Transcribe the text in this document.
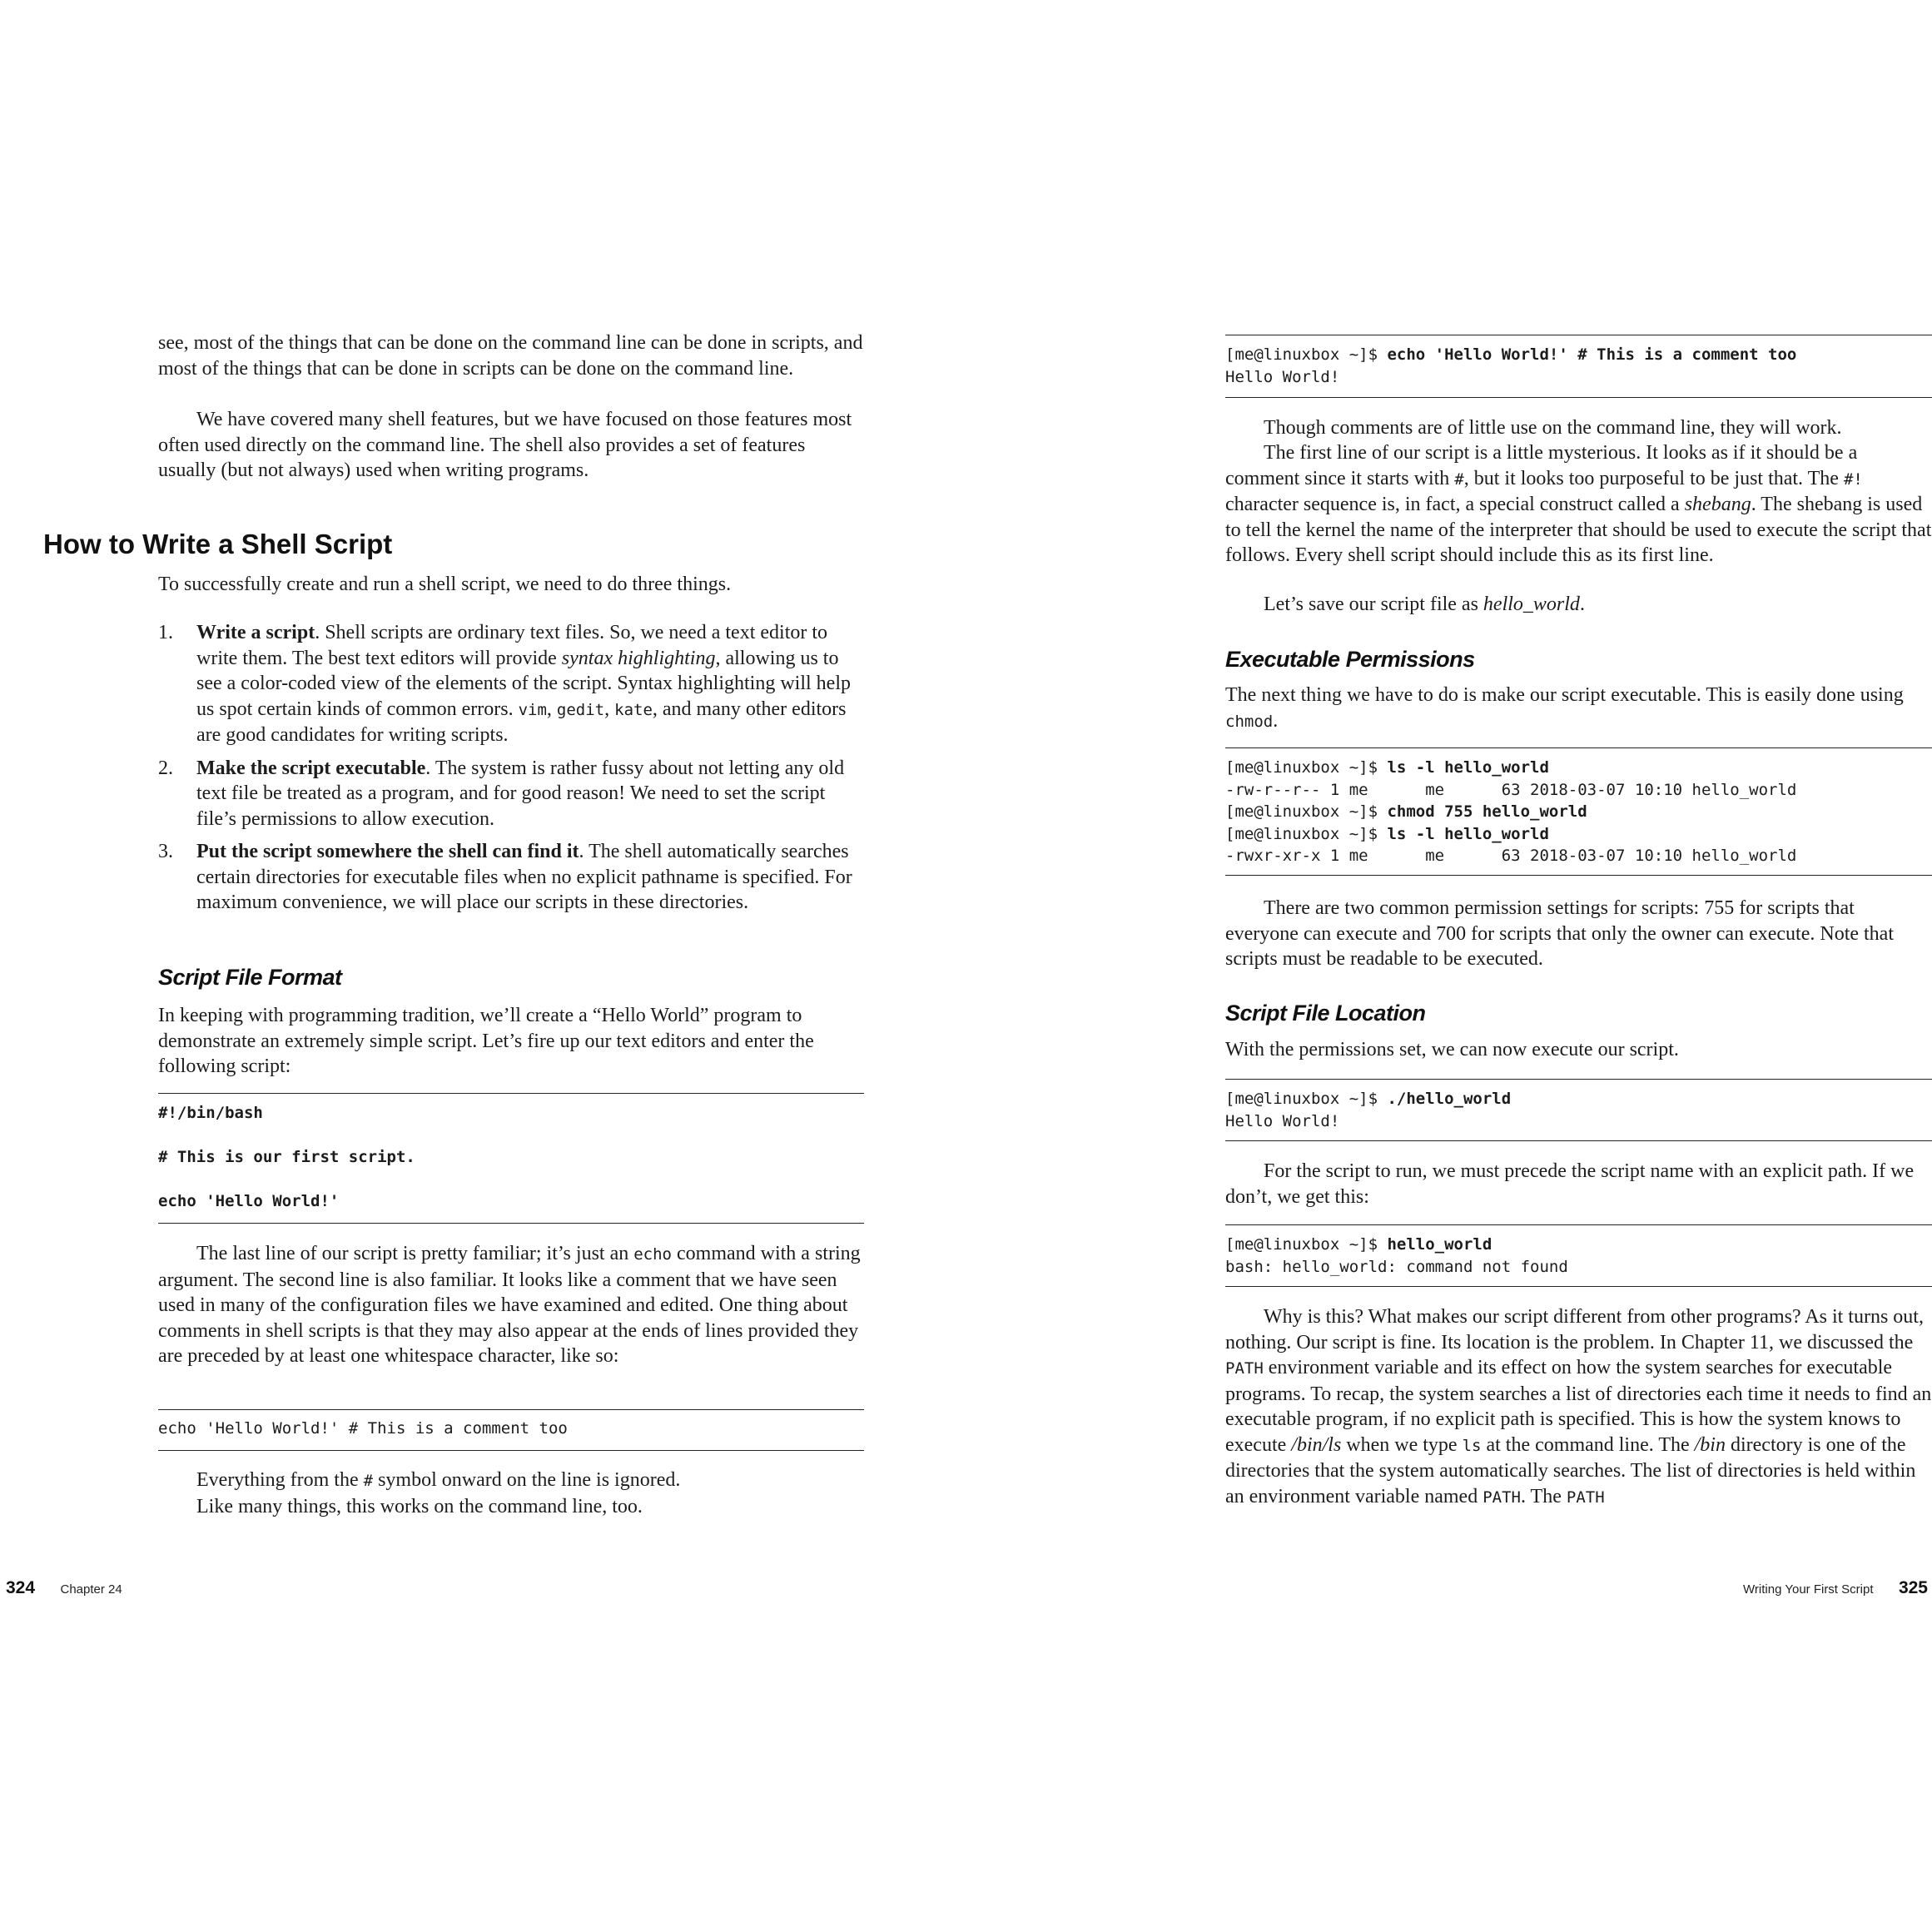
see, most of the things that can be done on the command line can be done in scripts, and most of the things that can be done in scripts can be done on the command line.

We have covered many shell features, but we have focused on those features most often used directly on the command line. The shell also provides a set of features usually (but not always) used when writing programs.

How to Write a Shell Script

To successfully create and run a shell script, we need to do three things.

1. Write a script. Shell scripts are ordinary text files. So, we need a text editor to write them. The best text editors will provide syntax highlighting, allowing us to see a color-coded view of the elements of the script. Syntax highlighting will help us spot certain kinds of common errors. vim, gedit, kate, and many other editors are good candidates for writing scripts.
2. Make the script executable. The system is rather fussy about not letting any old text file be treated as a program, and for good reason! We need to set the script file’s permissions to allow execution.
3. Put the script somewhere the shell can find it. The shell automatically searches certain directories for executable files when no explicit pathname is specified. For maximum convenience, we will place our scripts in these directories.
Script File Format

In keeping with programming tradition, we’ll create a “Hello World” program to demonstrate an extremely simple script. Let’s fire up our text editors and enter the following script:

#!/bin/bash
# This is our first script.
echo 'Hello World!'

The last line of our script is pretty familiar; it’s just an echo command with a string argument. The second line is also familiar. It looks like a comment that we have seen used in many of the configuration files we have examined and edited. One thing about comments in shell scripts is that they may also appear at the ends of lines provided they are preceded by at least one whitespace character, like so:

echo 'Hello World!' # This is a comment too

Everything from the # symbol onward on the line is ignored.
Like many things, this works on the command line, too.

324 Chapter 24
[me@linuxbox ~]$ echo 'Hello World!' # This is a comment too
Hello World!

Though comments are of little use on the command line, they will work.

The first line of our script is a little mysterious. It looks as if it should be a comment since it starts with #, but it looks too purposeful to be just that. The #! character sequence is, in fact, a special construct called a shebang. The shebang is used to tell the kernel the name of the interpreter that should be used to execute the script that follows. Every shell script should include this as its first line.

Let’s save our script file as hello_world.

Executable Permissions

The next thing we have to do is make our script executable. This is easily done using chmod.

[me@linuxbox ~]$ ls -l hello_world
-rw-r--r-- 1 me      me      63 2018-03-07 10:10 hello_world
[me@linuxbox ~]$ chmod 755 hello_world
[me@linuxbox ~]$ ls -l hello_world
-rwxr-xr-x 1 me      me      63 2018-03-07 10:10 hello_world

There are two common permission settings for scripts: 755 for scripts that everyone can execute and 700 for scripts that only the owner can execute. Note that scripts must be readable to be executed.

Script File Location

With the permissions set, we can now execute our script.

[me@linuxbox ~]$ ./hello_world
Hello World!

For the script to run, we must precede the script name with an explicit path. If we don’t, we get this:

[me@linuxbox ~]$ hello_world
bash: hello_world: command not found

Why is this? What makes our script different from other programs? As it turns out, nothing. Our script is fine. Its location is the problem. In Chapter 11, we discussed the PATH environment variable and its effect on how the system searches for executable programs. To recap, the system searches a list of directories each time it needs to find an executable program, if no explicit path is specified. This is how the system knows to execute /bin/ls when we type ls at the command line. The /bin directory is one of the directories that the system automatically searches. The list of directories is held within an environment variable named PATH. The PATH

Writing Your First Script 325
